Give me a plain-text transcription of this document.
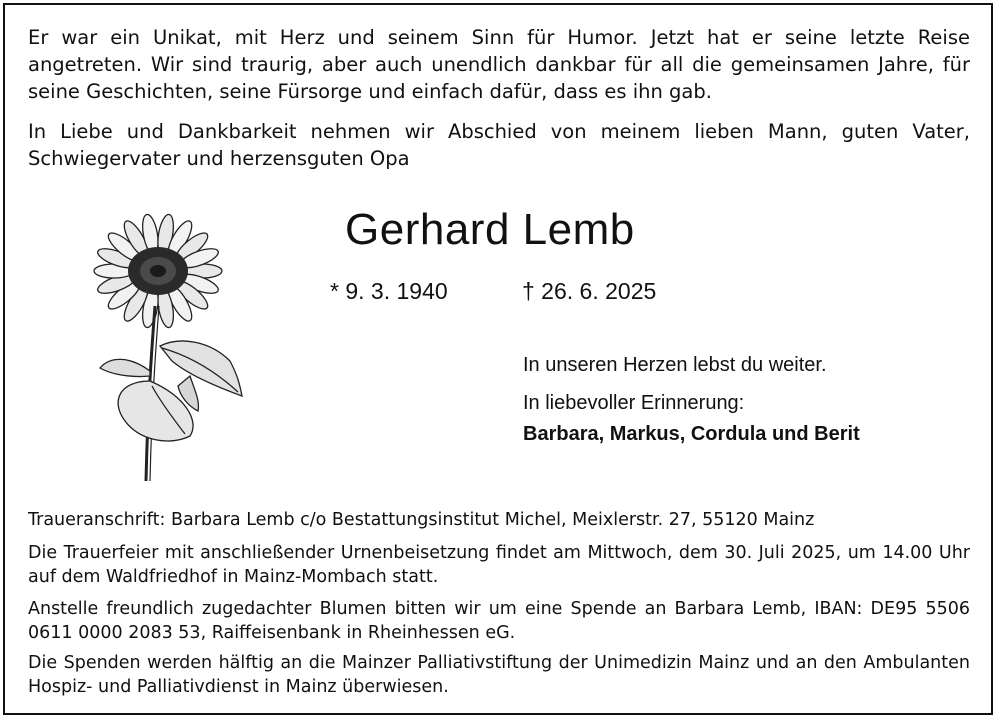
Er war ein Unikat, mit Herz und seinem Sinn für Humor. Jetzt hat er seine letzte Reise angetreten. Wir sind traurig, aber auch unendlich dankbar für all die gemeinsamen Jahre, für seine Geschichten, seine Fürsorge und einfach dafür, dass es ihn gab.
In Liebe und Dankbarkeit nehmen wir Abschied von meinem lieben Mann, guten Vater, Schwiegervater und herzensguten Opa
Gerhard Lemb
* 9. 3. 1940	† 26. 6. 2025
In unseren Herzen lebst du weiter.
In liebevoller Erinnerung:
Barbara, Markus, Cordula und Berit
Traueranschrift: Barbara Lemb c/o Bestattungsinstitut Michel, Meixlerstr. 27, 55120 Mainz
Die Trauerfeier mit anschließender Urnenbeisetzung findet am Mittwoch, dem 30. Juli 2025, um 14.00 Uhr auf dem Waldfriedhof in Mainz-Mombach statt.
Anstelle freundlich zugedachter Blumen bitten wir um eine Spende an Barbara Lemb, IBAN: DE95 5506 0611 0000 2083 53, Raiffeisenbank in Rheinhessen eG.
Die Spenden werden hälftig an die Mainzer Palliativstiftung der Unimedizin Mainz und an den Ambulanten Hospiz- und Palliativdienst in Mainz überwiesen.
